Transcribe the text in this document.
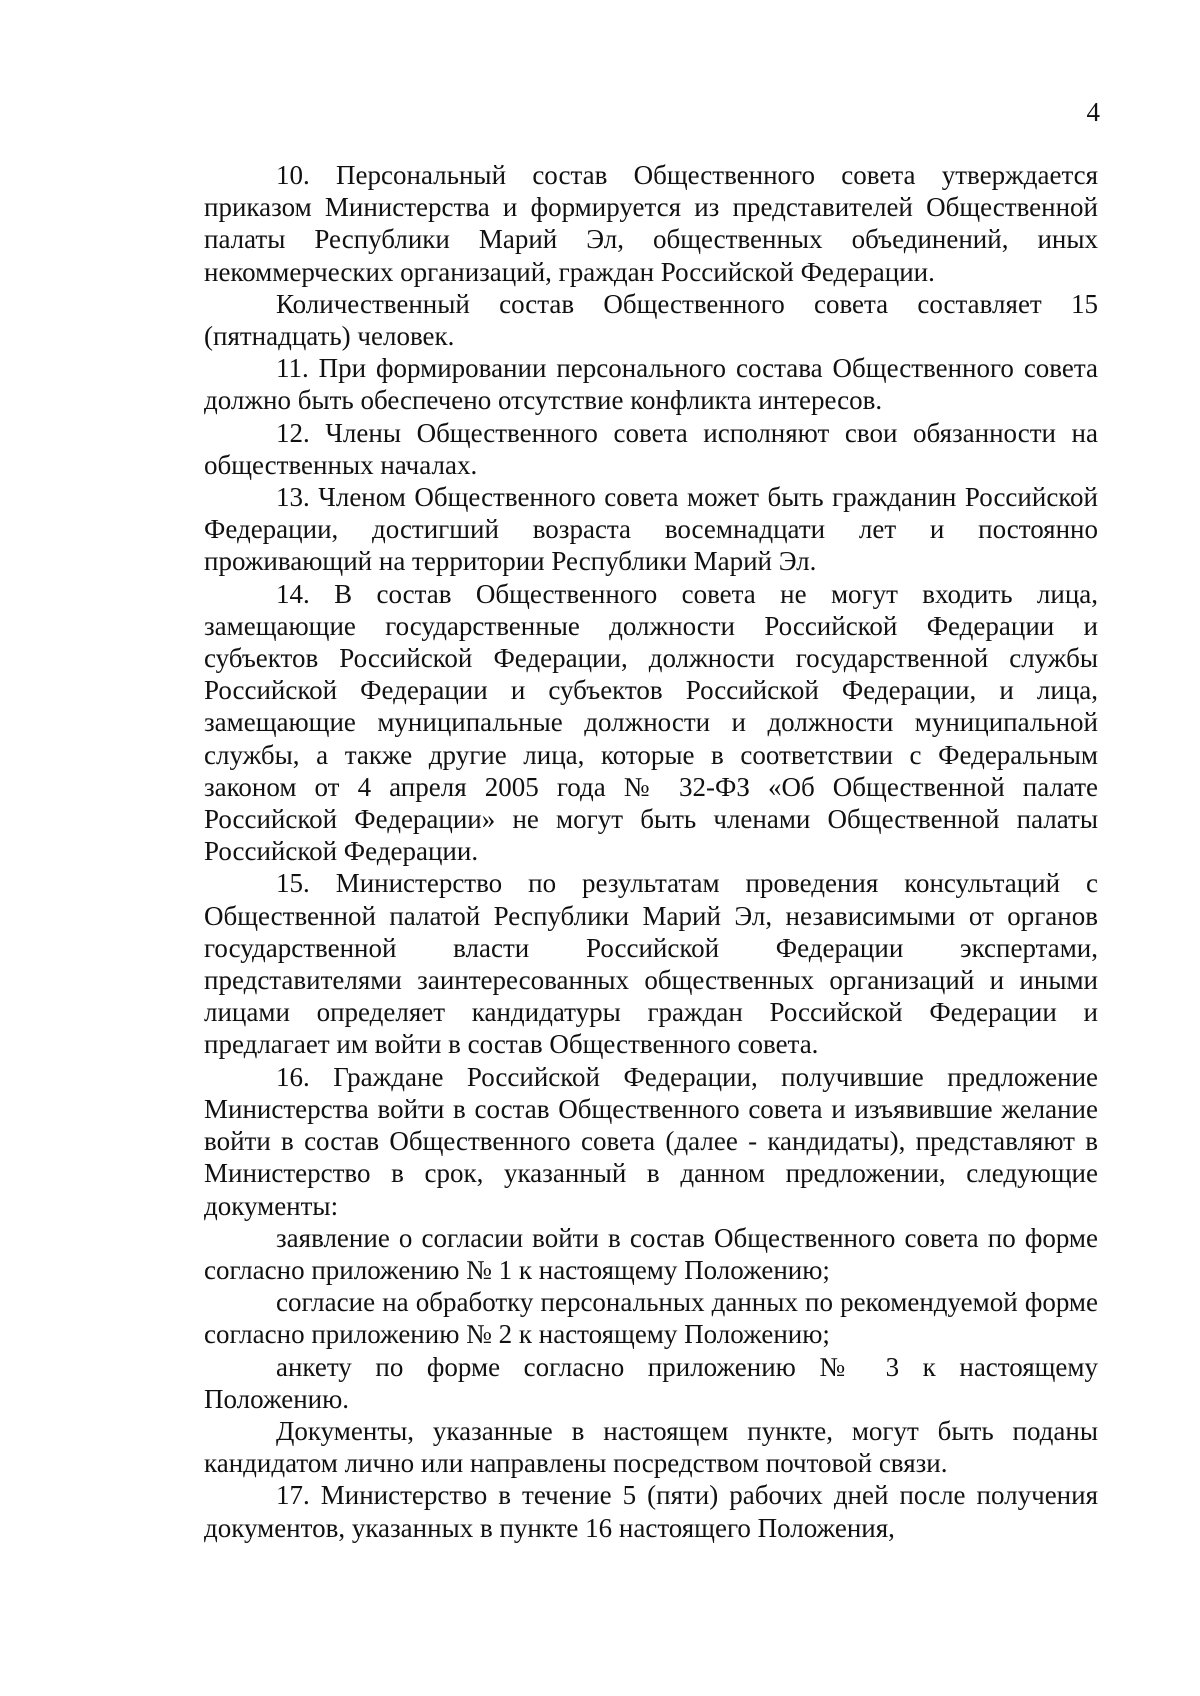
4

10. Персональный состав Общественного совета утверждается приказом Министерства и формируется из представителей Общественной палаты Республики Марий Эл, общественных объединений, иных некоммерческих организаций, граждан Российской Федерации.

Количественный состав Общественного совета составляет 15 (пятнадцать) человек.

11. При формировании персонального состава Общественного совета должно быть обеспечено отсутствие конфликта интересов.

12. Члены Общественного совета исполняют свои обязанности на общественных началах.

13. Членом Общественного совета может быть гражданин Российской Федерации, достигший возраста восемнадцати лет и постоянно проживающий на территории Республики Марий Эл.

14. В состав Общественного совета не могут входить лица, замещающие государственные должности Российской Федерации и субъектов Российской Федерации, должности государственной службы Российской Федерации и субъектов Российской Федерации, и лица, замещающие муниципальные должности и должности муниципальной службы, а также другие лица, которые в соответствии с Федеральным законом от 4 апреля 2005 года № 32-ФЗ «Об Общественной палате Российской Федерации» не могут быть членами Общественной палаты Российской Федерации.

15. Министерство по результатам проведения консультаций с Общественной палатой Республики Марий Эл, независимыми от органов государственной власти Российской Федерации экспертами, представителями заинтересованных общественных организаций и иными лицами определяет кандидатуры граждан Российской Федерации и предлагает им войти в состав Общественного совета.

16. Граждане Российской Федерации, получившие предложение Министерства войти в состав Общественного совета и изъявившие желание войти в состав Общественного совета (далее - кандидаты), представляют в Министерство в срок, указанный в данном предложении, следующие документы:

заявление о согласии войти в состав Общественного совета по форме согласно приложению № 1 к настоящему Положению;

согласие на обработку персональных данных по рекомендуемой форме согласно приложению № 2 к настоящему Положению;

анкету по форме согласно приложению № 3 к настоящему Положению.

Документы, указанные в настоящем пункте, могут быть поданы кандидатом лично или направлены посредством почтовой связи.

17. Министерство в течение 5 (пяти) рабочих дней после получения документов, указанных в пункте 16 настоящего Положения,
